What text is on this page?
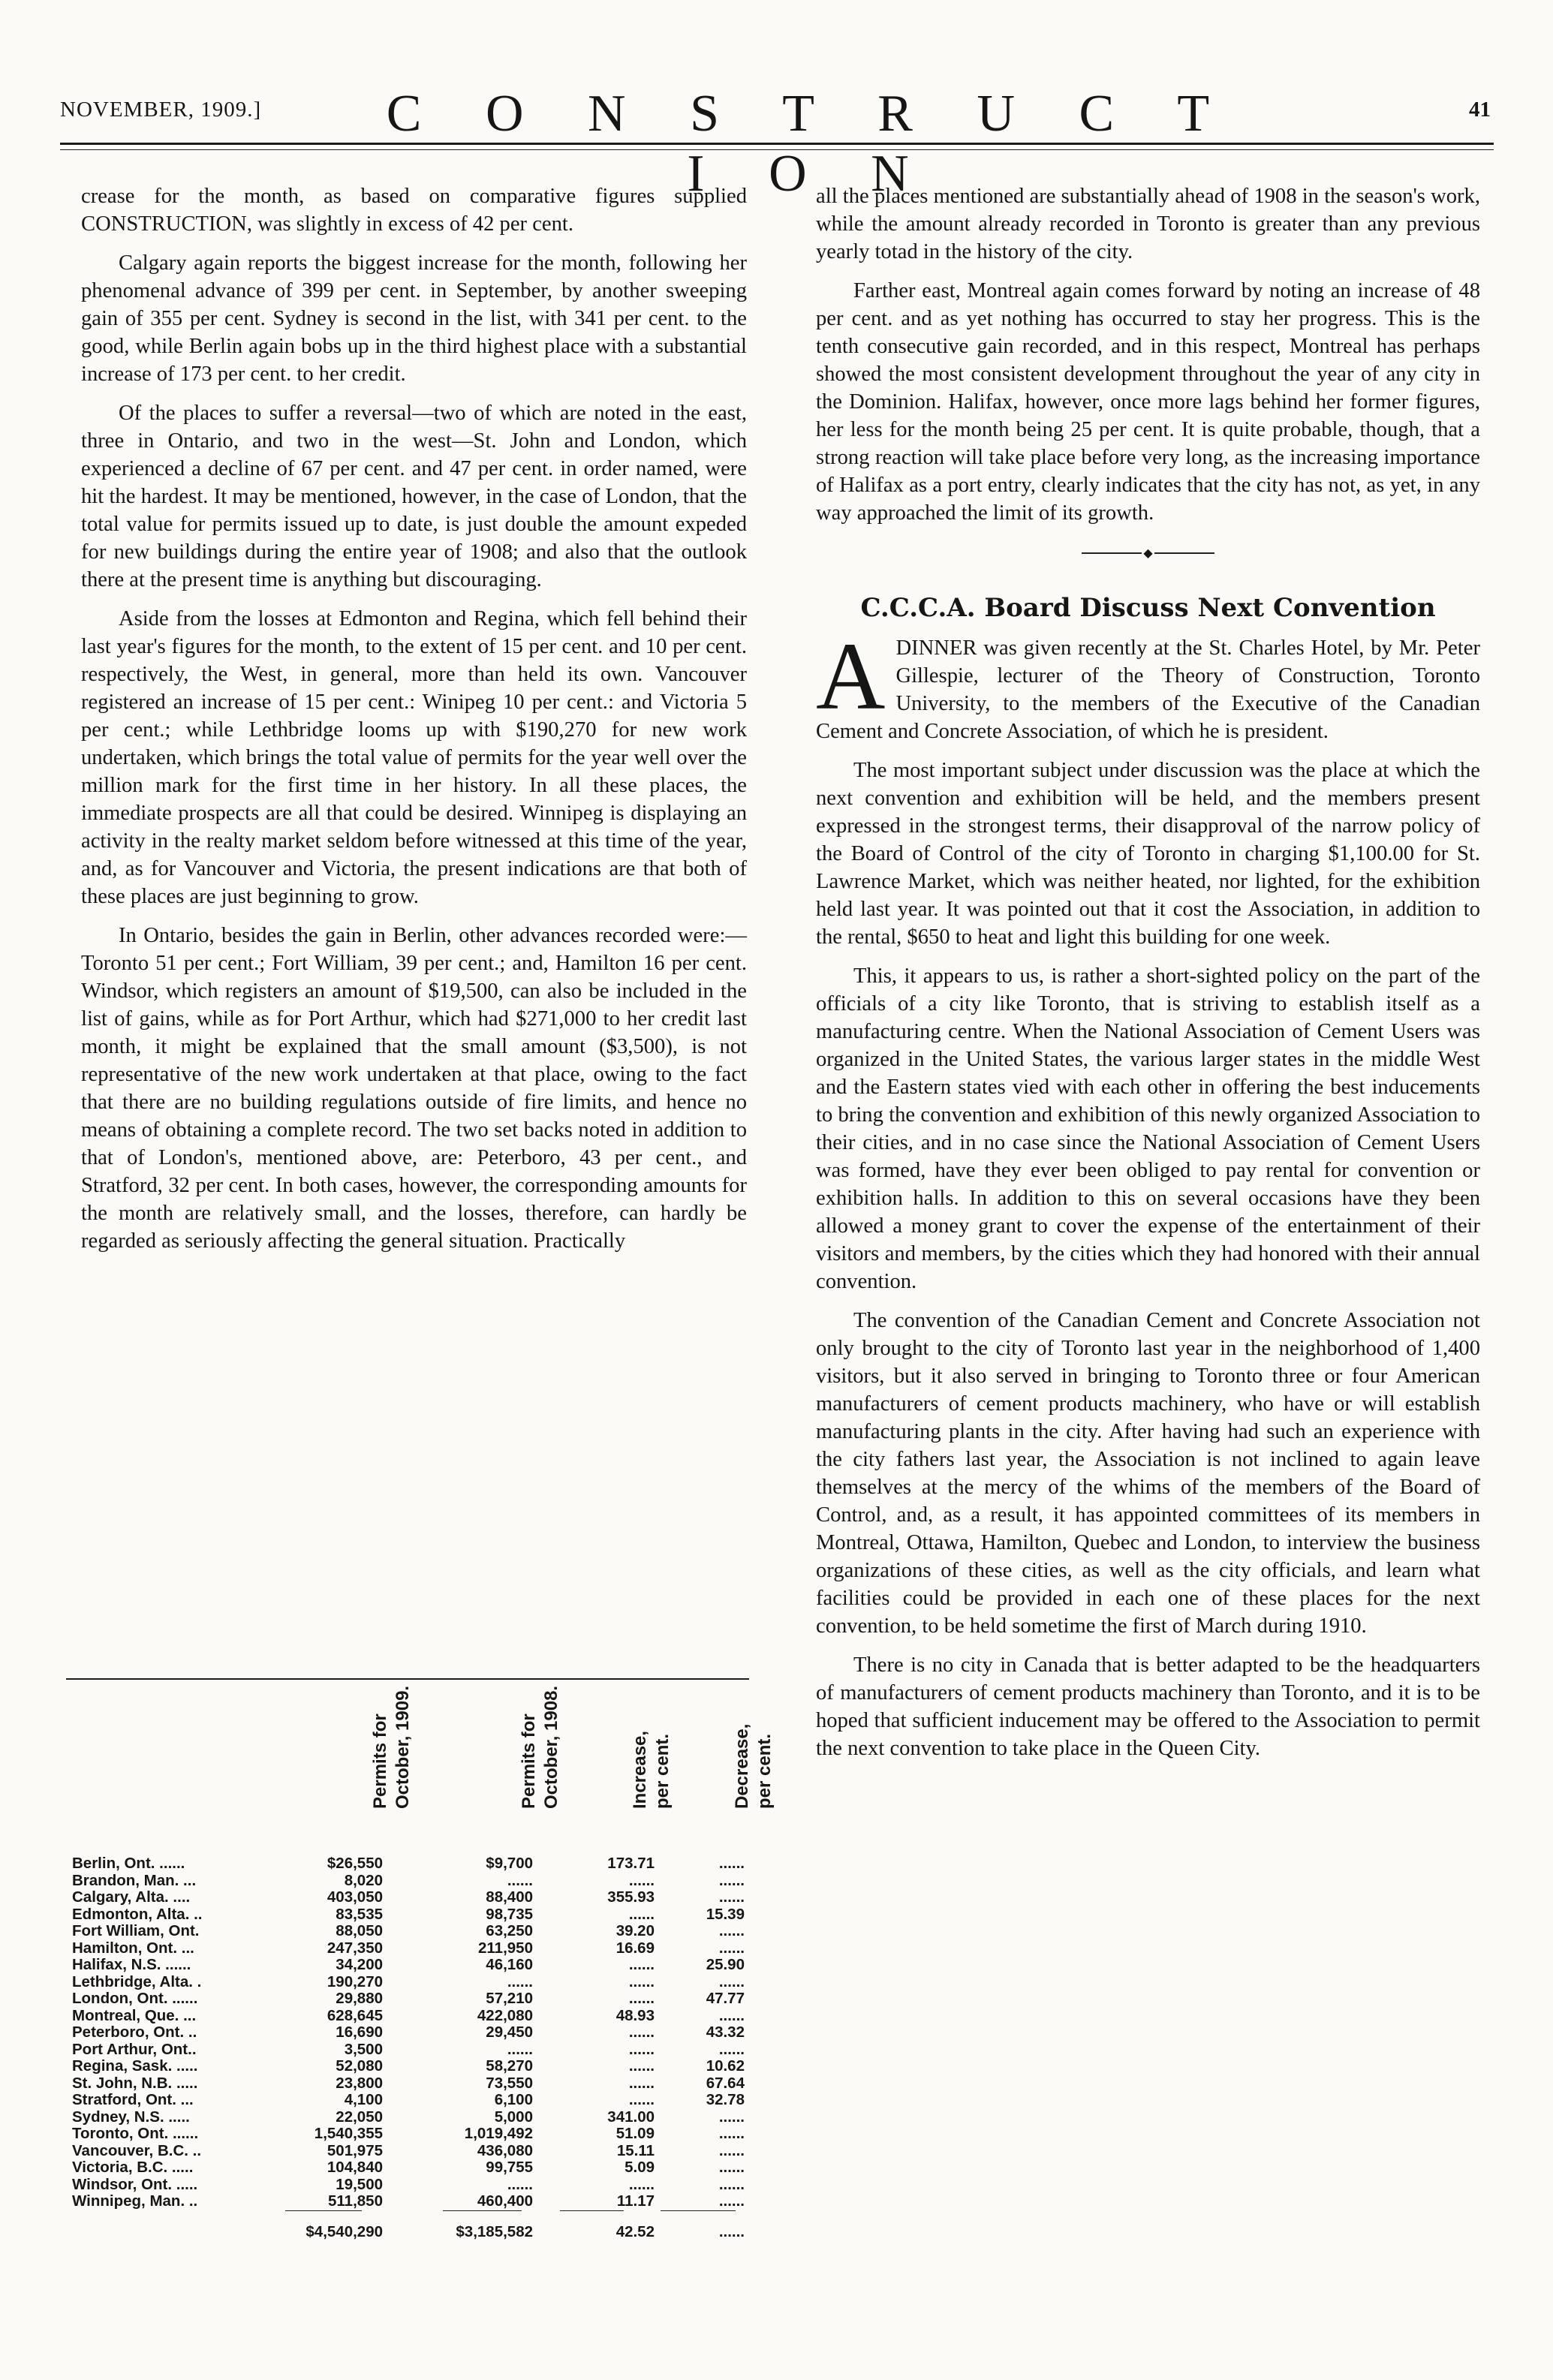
NOVEMBER, 1909.] C O N S T R U C T I O N
41

crease for the month, as based on comparative figures supplied CONSTRUCTION, was slightly in excess of 42 per cent.

Calgary again reports the biggest increase for the month, following her phenomenal advance of 399 per cent. in September, by another sweeping gain of 355 per cent. Sydney is second in the list, with 341 per cent. to the good, while Berlin again bobs up in the third highest place with a substantial increase of 173 per cent. to her credit.

Of the places to suffer a reversal—two of which are noted in the east, three in Ontario, and two in the west—St. John and London, which experienced a decline of 67 per cent. and 47 per cent. in order named, were hit the hardest. It may be mentioned, however, in the case of London, that the total value for permits issued up to date, is just double the amount expeded for new buildings during the entire year of 1908; and also that the outlook there at the present time is anything but discouraging.

Aside from the losses at Edmonton and Regina, which fell behind their last year's figures for the month, to the extent of 15 per cent. and 10 per cent. respectively, the West, in general, more than held its own. Vancouver registered an increase of 15 per cent.: Winipeg 10 per cent.: and Victoria 5 per cent.; while Lethbridge looms up with $190,270 for new work undertaken, which brings the total value of permits for the year well over the million mark for the first time in her history. In all these places, the immediate prospects are all that could be desired. Winnipeg is displaying an activity in the realty market seldom before witnessed at this time of the year, and, as for Vancouver and Victoria, the present indications are that both of these places are just beginning to grow.

In Ontario, besides the gain in Berlin, other advances recorded were:—Toronto 51 per cent.; Fort William, 39 per cent.; and, Hamilton 16 per cent. Windsor, which registers an amount of $19,500, can also be included in the list of gains, while as for Port Arthur, which had $271,000 to her credit last month, it might be explained that the small amount ($3,500), is not representative of the new work undertaken at that place, owing to the fact that there are no building regulations outside of fire limits, and hence no means of obtaining a complete record. The two set backs noted in addition to that of London's, mentioned above, are: Peterboro, 43 per cent., and Stratford, 32 per cent. In both cases, however, the corresponding amounts for the month are relatively small, and the losses, therefore, can hardly be regarded as seriously affecting the general situation. Practically

all the places mentioned are substantially ahead of 1908 in the season's work, while the amount already recorded in Toronto is greater than any previous yearly totad in the history of the city.

Farther east, Montreal again comes forward by noting an increase of 48 per cent. and as yet nothing has occurred to stay her progress. This is the tenth consecutive gain recorded, and in this respect, Montreal has perhaps showed the most consistent development throughout the year of any city in the Dominion. Halifax, however, once more lags behind her former figures, her less for the month being 25 per cent. It is quite probable, though, that a strong reaction will take place before very long, as the increasing importance of Halifax as a port entry, clearly indicates that the city has not, as yet, in any way approached the limit of its growth.

◆
C.C.C.A. Board Discuss Next Convention

ADINNER was given recently at the St. Charles Hotel, by Mr. Peter Gillespie, lecturer of the Theory of Construction, Toronto University, to the members of the Executive of the Canadian Cement and Concrete Association, of which he is president.

The most important subject under discussion was the place at which the next convention and exhibition will be held, and the members present expressed in the strongest terms, their disapproval of the narrow policy of the Board of Control of the city of Toronto in charging $1,100.00 for St. Lawrence Market, which was neither heated, nor lighted, for the exhibition held last year. It was pointed out that it cost the Association, in addition to the rental, $650 to heat and light this building for one week.

This, it appears to us, is rather a short-sighted policy on the part of the officials of a city like Toronto, that is striving to establish itself as a manufacturing centre. When the National Association of Cement Users was organized in the United States, the various larger states in the middle West and the Eastern states vied with each other in offering the best inducements to bring the convention and exhibition of this newly organized Association to their cities, and in no case since the National Association of Cement Users was formed, have they ever been obliged to pay rental for convention or exhibition halls. In addition to this on several occasions have they been allowed a money grant to cover the expense of the entertainment of their visitors and members, by the cities which they had honored with their annual convention.

The convention of the Canadian Cement and Concrete Association not only brought to the city of Toronto last year in the neighborhood of 1,400 visitors, but it also served in bringing to Toronto three or four American manufacturers of cement products machinery, who have or will establish manufacturing plants in the city. After having had such an experience with the city fathers last year, the Association is not inclined to again leave themselves at the mercy of the whims of the members of the Board of Control, and, as a result, it has appointed committees of its members in Montreal, Ottawa, Hamilton, Quebec and London, to interview the business organizations of these cities, as well as the city officials, and learn what facilities could be provided in each one of these places for the next convention, to be held sometime the first of March during 1910.

There is no city in Canada that is better adapted to be the headquarters of manufacturers of cement products machinery than Toronto, and it is to be hoped that sufficient inducement may be offered to the Association to permit the next convention to take place in the Queen City.

Permits for
October, 1909.
Permits for
October, 1908.
Increase,
per cent.	Decrease,
per cent.
Berlin, Ont. ......	$26,550	$9,700	173.71	......
Brandon, Man. ...	8,020	......	......	......
Calgary, Alta. ....	403,050	88,400	355.93	......
Edmonton, Alta. ..	83,535	98,735	......	15.39
Fort William, Ont.	88,050	63,250	39.20	......
Hamilton, Ont. ...	247,350	211,950	16.69	......
Halifax, N.S. ......	34,200	46,160	......	25.90
Lethbridge, Alta. .	190,270	......	......	......
London, Ont. ......	29,880	57,210	......	47.77
Montreal, Que. ...	628,645	422,080	48.93	......
Peterboro, Ont. ..	16,690	29,450	......	43.32
Port Arthur, Ont..	3,500	......	......	......
Regina, Sask. .....	52,080	58,270	......	10.62
St. John, N.B. .....	23,800	73,550	......	67.64
Stratford, Ont. ...	4,100	6,100	......	32.78
Sydney, N.S. .....	22,050	5,000	341.00	......
Toronto, Ont. ......	1,540,355	1,019,492	51.09	......
Vancouver, B.C. ..	501,975	436,080	15.11	......
Victoria, B.C. .....	104,840	99,755	5.09	......
Windsor, Ont. .....	19,500	......	......	......
Winnipeg, Man. ..	511,850	460,400	11.17	......
$4,540,290	$3,185,582	42.52	......
